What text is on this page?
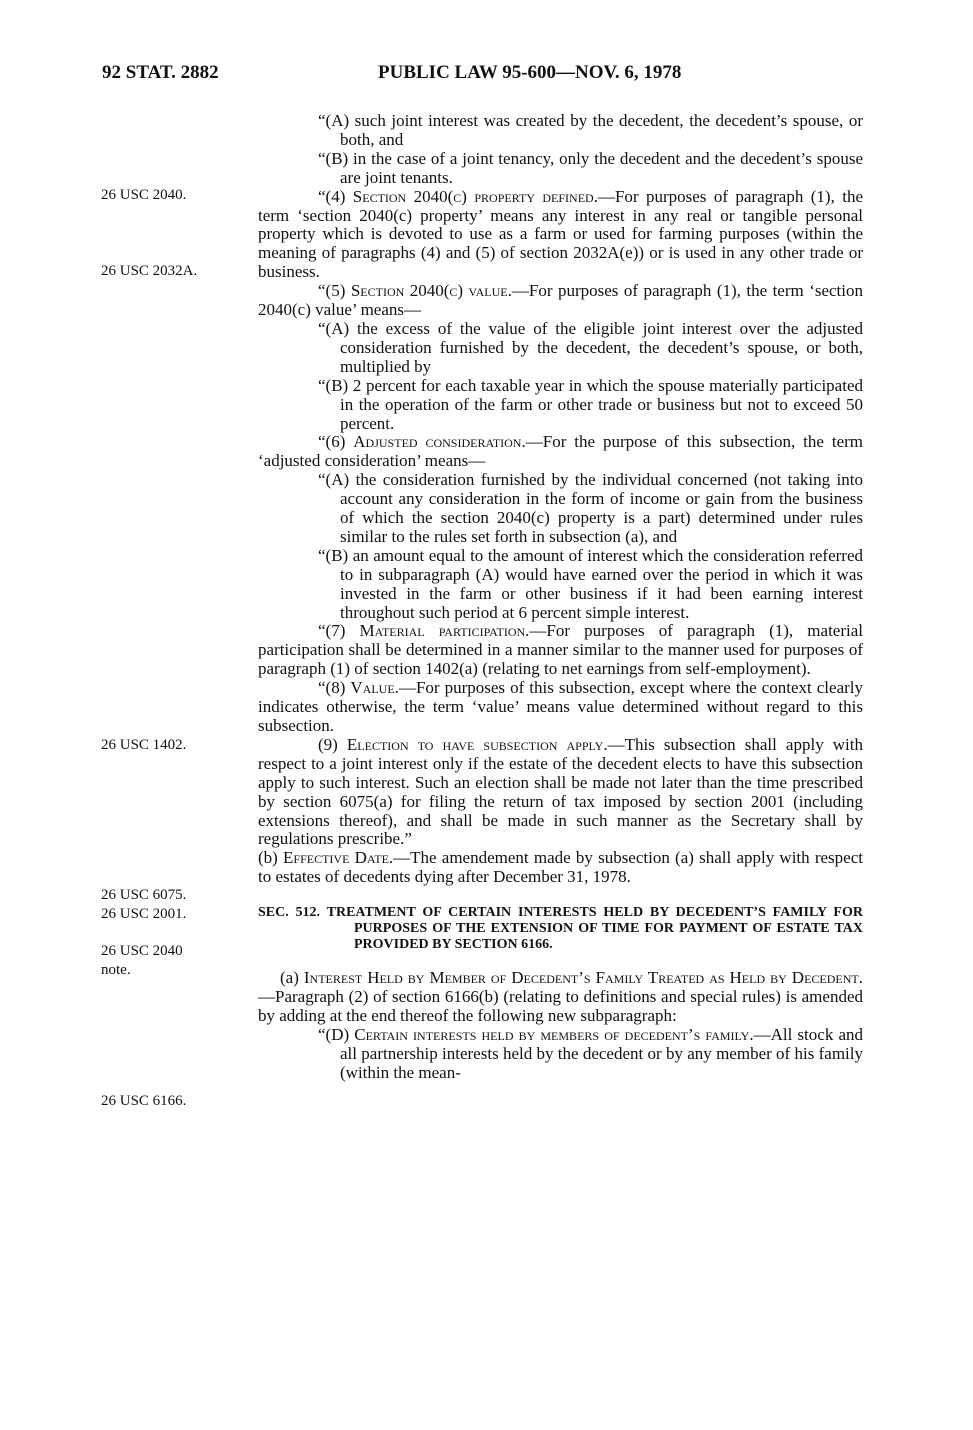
92 STAT. 2882	PUBLIC LAW 95-600—NOV. 6, 1978
26 USC 2040.
26 USC 2032A.
26 USC 1402.
26 USC 6075.
26 USC 2001.
26 USC 2040
note.
26 USC 6166.

“(A) such joint interest was created by the decedent, the decedent’s spouse, or both, and

“(B) in the case of a joint tenancy, only the decedent and the decedent’s spouse are joint tenants.

“(4) Section 2040(c) property defined.—For purposes of paragraph (1), the term ‘section 2040(c) property’ means any interest in any real or tangible personal property which is devoted to use as a farm or used for farming purposes (within the meaning of paragraphs (4) and (5) of section 2032A(e)) or is used in any other trade or business.

“(5) Section 2040(c) value.—For purposes of paragraph (1), the term ‘section 2040(c) value’ means—

“(A) the excess of the value of the eligible joint interest over the adjusted consideration furnished by the decedent, the decedent’s spouse, or both, multiplied by

“(B) 2 percent for each taxable year in which the spouse materially participated in the operation of the farm or other trade or business but not to exceed 50 percent.

“(6) Adjusted consideration.—For the purpose of this subsection, the term ‘adjusted consideration’ means—

“(A) the consideration furnished by the individual concerned (not taking into account any consideration in the form of income or gain from the business of which the section 2040(c) property is a part) determined under rules similar to the rules set forth in subsection (a), and

“(B) an amount equal to the amount of interest which the consideration referred to in subparagraph (A) would have earned over the period in which it was invested in the farm or other business if it had been earning interest throughout such period at 6 percent simple interest.

“(7) Material participation.—For purposes of paragraph (1), material participation shall be determined in a manner similar to the manner used for purposes of paragraph (1) of section 1402(a) (relating to net earnings from self-employment).

“(8) Value.—For purposes of this subsection, except where the context clearly indicates otherwise, the term ‘value’ means value determined without regard to this subsection.

(9) Election to have subsection apply.—This subsection shall apply with respect to a joint interest only if the estate of the decedent elects to have this subsection apply to such interest. Such an election shall be made not later than the time prescribed by section 6075(a) for filing the return of tax imposed by section 2001 (including extensions thereof), and shall be made in such manner as the Secretary shall by regulations prescribe.”

(b) Effective Date.—The amendement made by subsection (a) shall apply with respect to estates of decedents dying after December 31, 1978.

SEC. 512. TREATMENT OF CERTAIN INTERESTS HELD BY DECEDENT’S FAMILY FOR PURPOSES OF THE EXTENSION OF TIME FOR PAYMENT OF ESTATE TAX PROVIDED BY SECTION 6166.

(a) Interest Held by Member of Decedent’s Family Treated as Held by Decedent.—Paragraph (2) of section 6166(b) (relating to definitions and special rules) is amended by adding at the end thereof the following new subparagraph:

“(D) Certain interests held by members of decedent’s family.—All stock and all partnership interests held by the decedent or by any member of his family (within the mean-
